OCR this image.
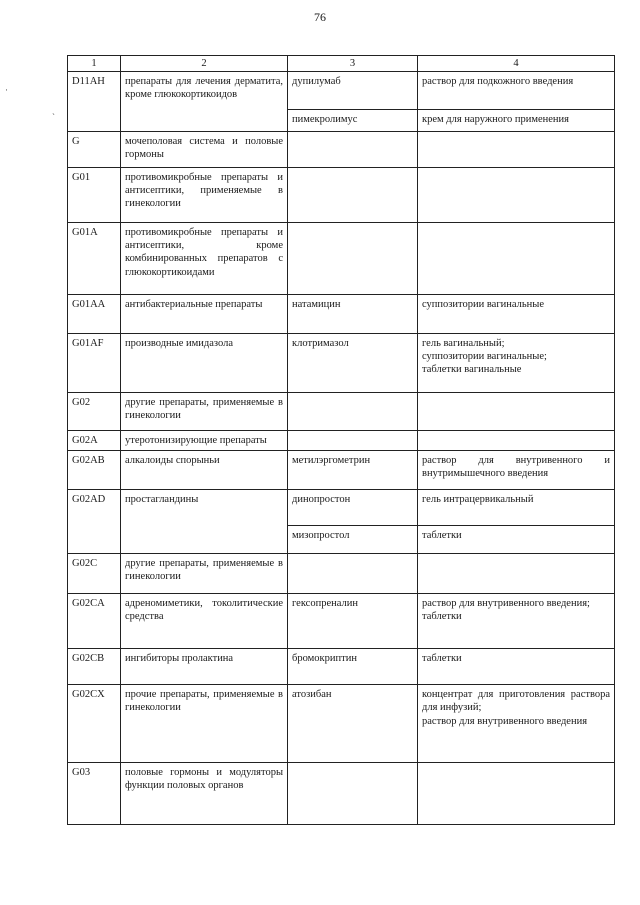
76
·
ˏ
1	2	3	4
D11AH	препараты для лечения дерматита, кроме глюкокортикоидов	дупилумаб	раствор для подкожного введения

		пимекролимус	крем для наружного применения

G	мочеполовая система и половые гормоны		
G01	противомикробные препараты и антисептики, применяемые в гинекологии		
G01A	противомикробные препараты и антисептики, кроме комбинированных препаратов с глюкокортикоидами		
G01AA	антибактериальные препараты	натамицин	суппозитории вагинальные

G01AF	производные имидазола	клотримазол	гель вагинальный;
суппозитории вагинальные;
таблетки вагинальные

G02	другие препараты, применяемые в гинекологии		
G02A	утеротонизирующие препараты		
G02AB	алкалоиды спорыньи	метилэргометрин	раствор для внутривенного и внутримышечного введения

G02AD	простагландины	динопростон	гель интрацервикальный

		мизопростол	таблетки

G02C	другие препараты, применяемые в гинекологии		
G02CA	адреномиметики, токолитические средства	гексопреналин	раствор для внутривенного введения;
таблетки

G02CB	ингибиторы пролактина	бромокриптин	таблетки

G02CX	прочие препараты, применяемые в гинекологии	атозибан	концентрат для приготовления раствора для инфузий;
раствор для внутривенного введения

G03	половые гормоны и модуляторы функции половых органов		
